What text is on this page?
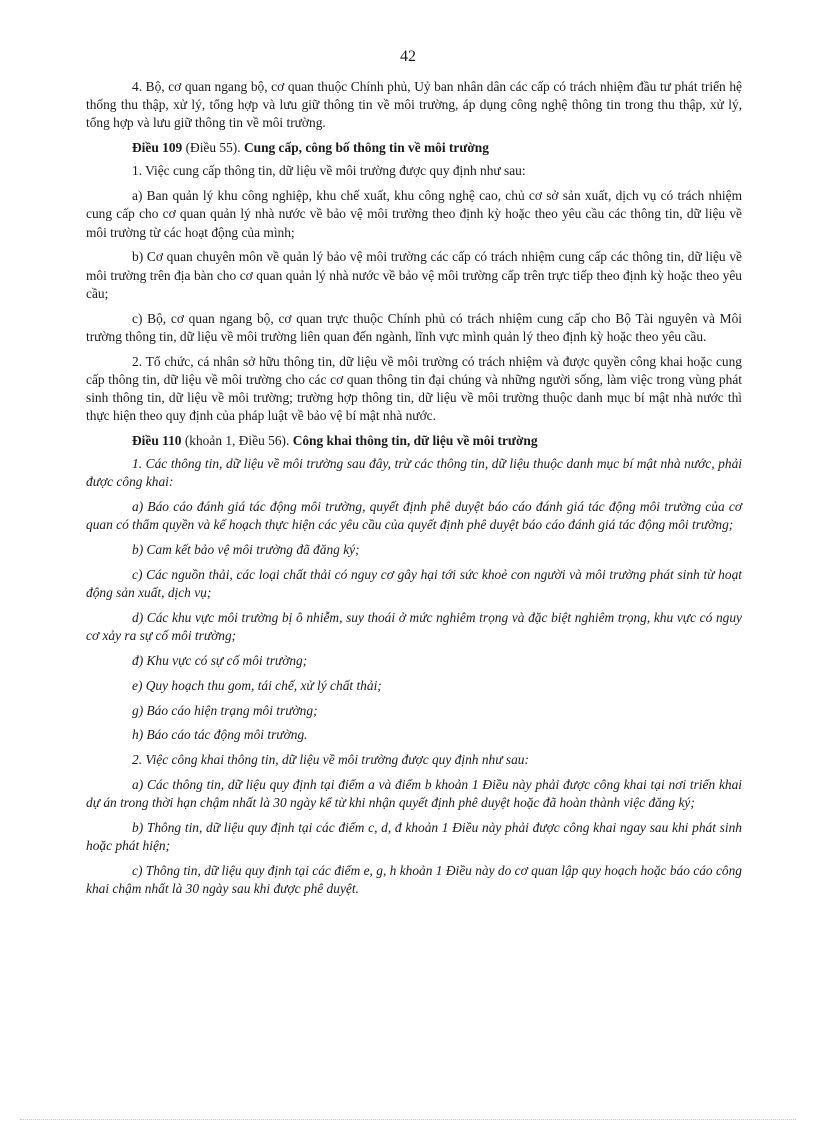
42

4. Bộ, cơ quan ngang bộ, cơ quan thuộc Chính phủ, Uỷ ban nhân dân các cấp có trách nhiệm đầu tư phát triển hệ thống thu thập, xử lý, tổng hợp và lưu giữ thông tin về môi trường, áp dụng công nghệ thông tin trong thu thập, xử lý, tổng hợp và lưu giữ thông tin về môi trường.

Điều 109 (Điều 55). Cung cấp, công bố thông tin về môi trường

1. Việc cung cấp thông tin, dữ liệu về môi trường được quy định như sau:

a) Ban quản lý khu công nghiệp, khu chế xuất, khu công nghệ cao, chủ cơ sở sản xuất, dịch vụ có trách nhiệm cung cấp cho cơ quan quản lý nhà nước về bảo vệ môi trường theo định kỳ hoặc theo yêu cầu các thông tin, dữ liệu về môi trường từ các hoạt động của mình;

b) Cơ quan chuyên môn về quản lý bảo vệ môi trường các cấp có trách nhiệm cung cấp các thông tin, dữ liệu về môi trường trên địa bàn cho cơ quan quản lý nhà nước về bảo vệ môi trường cấp trên trực tiếp theo định kỳ hoặc theo yêu cầu;

c) Bộ, cơ quan ngang bộ, cơ quan trực thuộc Chính phủ có trách nhiệm cung cấp cho Bộ Tài nguyên và Môi trường thông tin, dữ liệu về môi trường liên quan đến ngành, lĩnh vực mình quản lý theo định kỳ hoặc theo yêu cầu.

2. Tổ chức, cá nhân sở hữu thông tin, dữ liệu về môi trường có trách nhiệm và được quyền công khai hoặc cung cấp thông tin, dữ liệu về môi trường cho các cơ quan thông tin đại chúng và những người sống, làm việc trong vùng phát sinh thông tin, dữ liệu về môi trường; trường hợp thông tin, dữ liệu về môi trường thuộc danh mục bí mật nhà nước thì thực hiện theo quy định của pháp luật về bảo vệ bí mật nhà nước.

Điều 110 (khoản 1, Điều 56). Công khai thông tin, dữ liệu về môi trường

1. Các thông tin, dữ liệu về môi trường sau đây, trừ các thông tin, dữ liệu thuộc danh mục bí mật nhà nước, phải được công khai:

a) Báo cáo đánh giá tác động môi trường, quyết định phê duyệt báo cáo đánh giá tác động môi trường của cơ quan có thẩm quyền và kế hoạch thực hiện các yêu cầu của quyết định phê duyệt báo cáo đánh giá tác động môi trường;

b) Cam kết bảo vệ môi trường đã đăng ký;

c) Các nguồn thải, các loại chất thải có nguy cơ gây hại tới sức khoẻ con người và môi trường phát sinh từ hoạt động sản xuất, dịch vụ;

d) Các khu vực môi trường bị ô nhiễm, suy thoái ở mức nghiêm trọng và đặc biệt nghiêm trọng, khu vực có nguy cơ xảy ra sự cố môi trường;

đ) Khu vực có sự cố môi trường;

e) Quy hoạch thu gom, tái chế, xử lý chất thải;

g) Báo cáo hiện trạng môi trường;

h) Báo cáo tác động môi trường.

2. Việc công khai thông tin, dữ liệu về môi trường được quy định như sau:

a) Các thông tin, dữ liệu quy định tại điểm a và điểm b khoản 1 Điều này phải được công khai tại nơi triển khai dự án trong thời hạn chậm nhất là 30 ngày kể từ khi nhận quyết định phê duyệt hoặc đã hoàn thành việc đăng ký;

b) Thông tin, dữ liệu quy định tại các điểm c, d, đ khoản 1 Điều này phải được công khai ngay sau khi phát sinh hoặc phát hiện;

c) Thông tin, dữ liệu quy định tại các điểm e, g, h khoản 1 Điều này do cơ quan lập quy hoạch hoặc báo cáo công khai chậm nhất là 30 ngày sau khi được phê duyệt.
